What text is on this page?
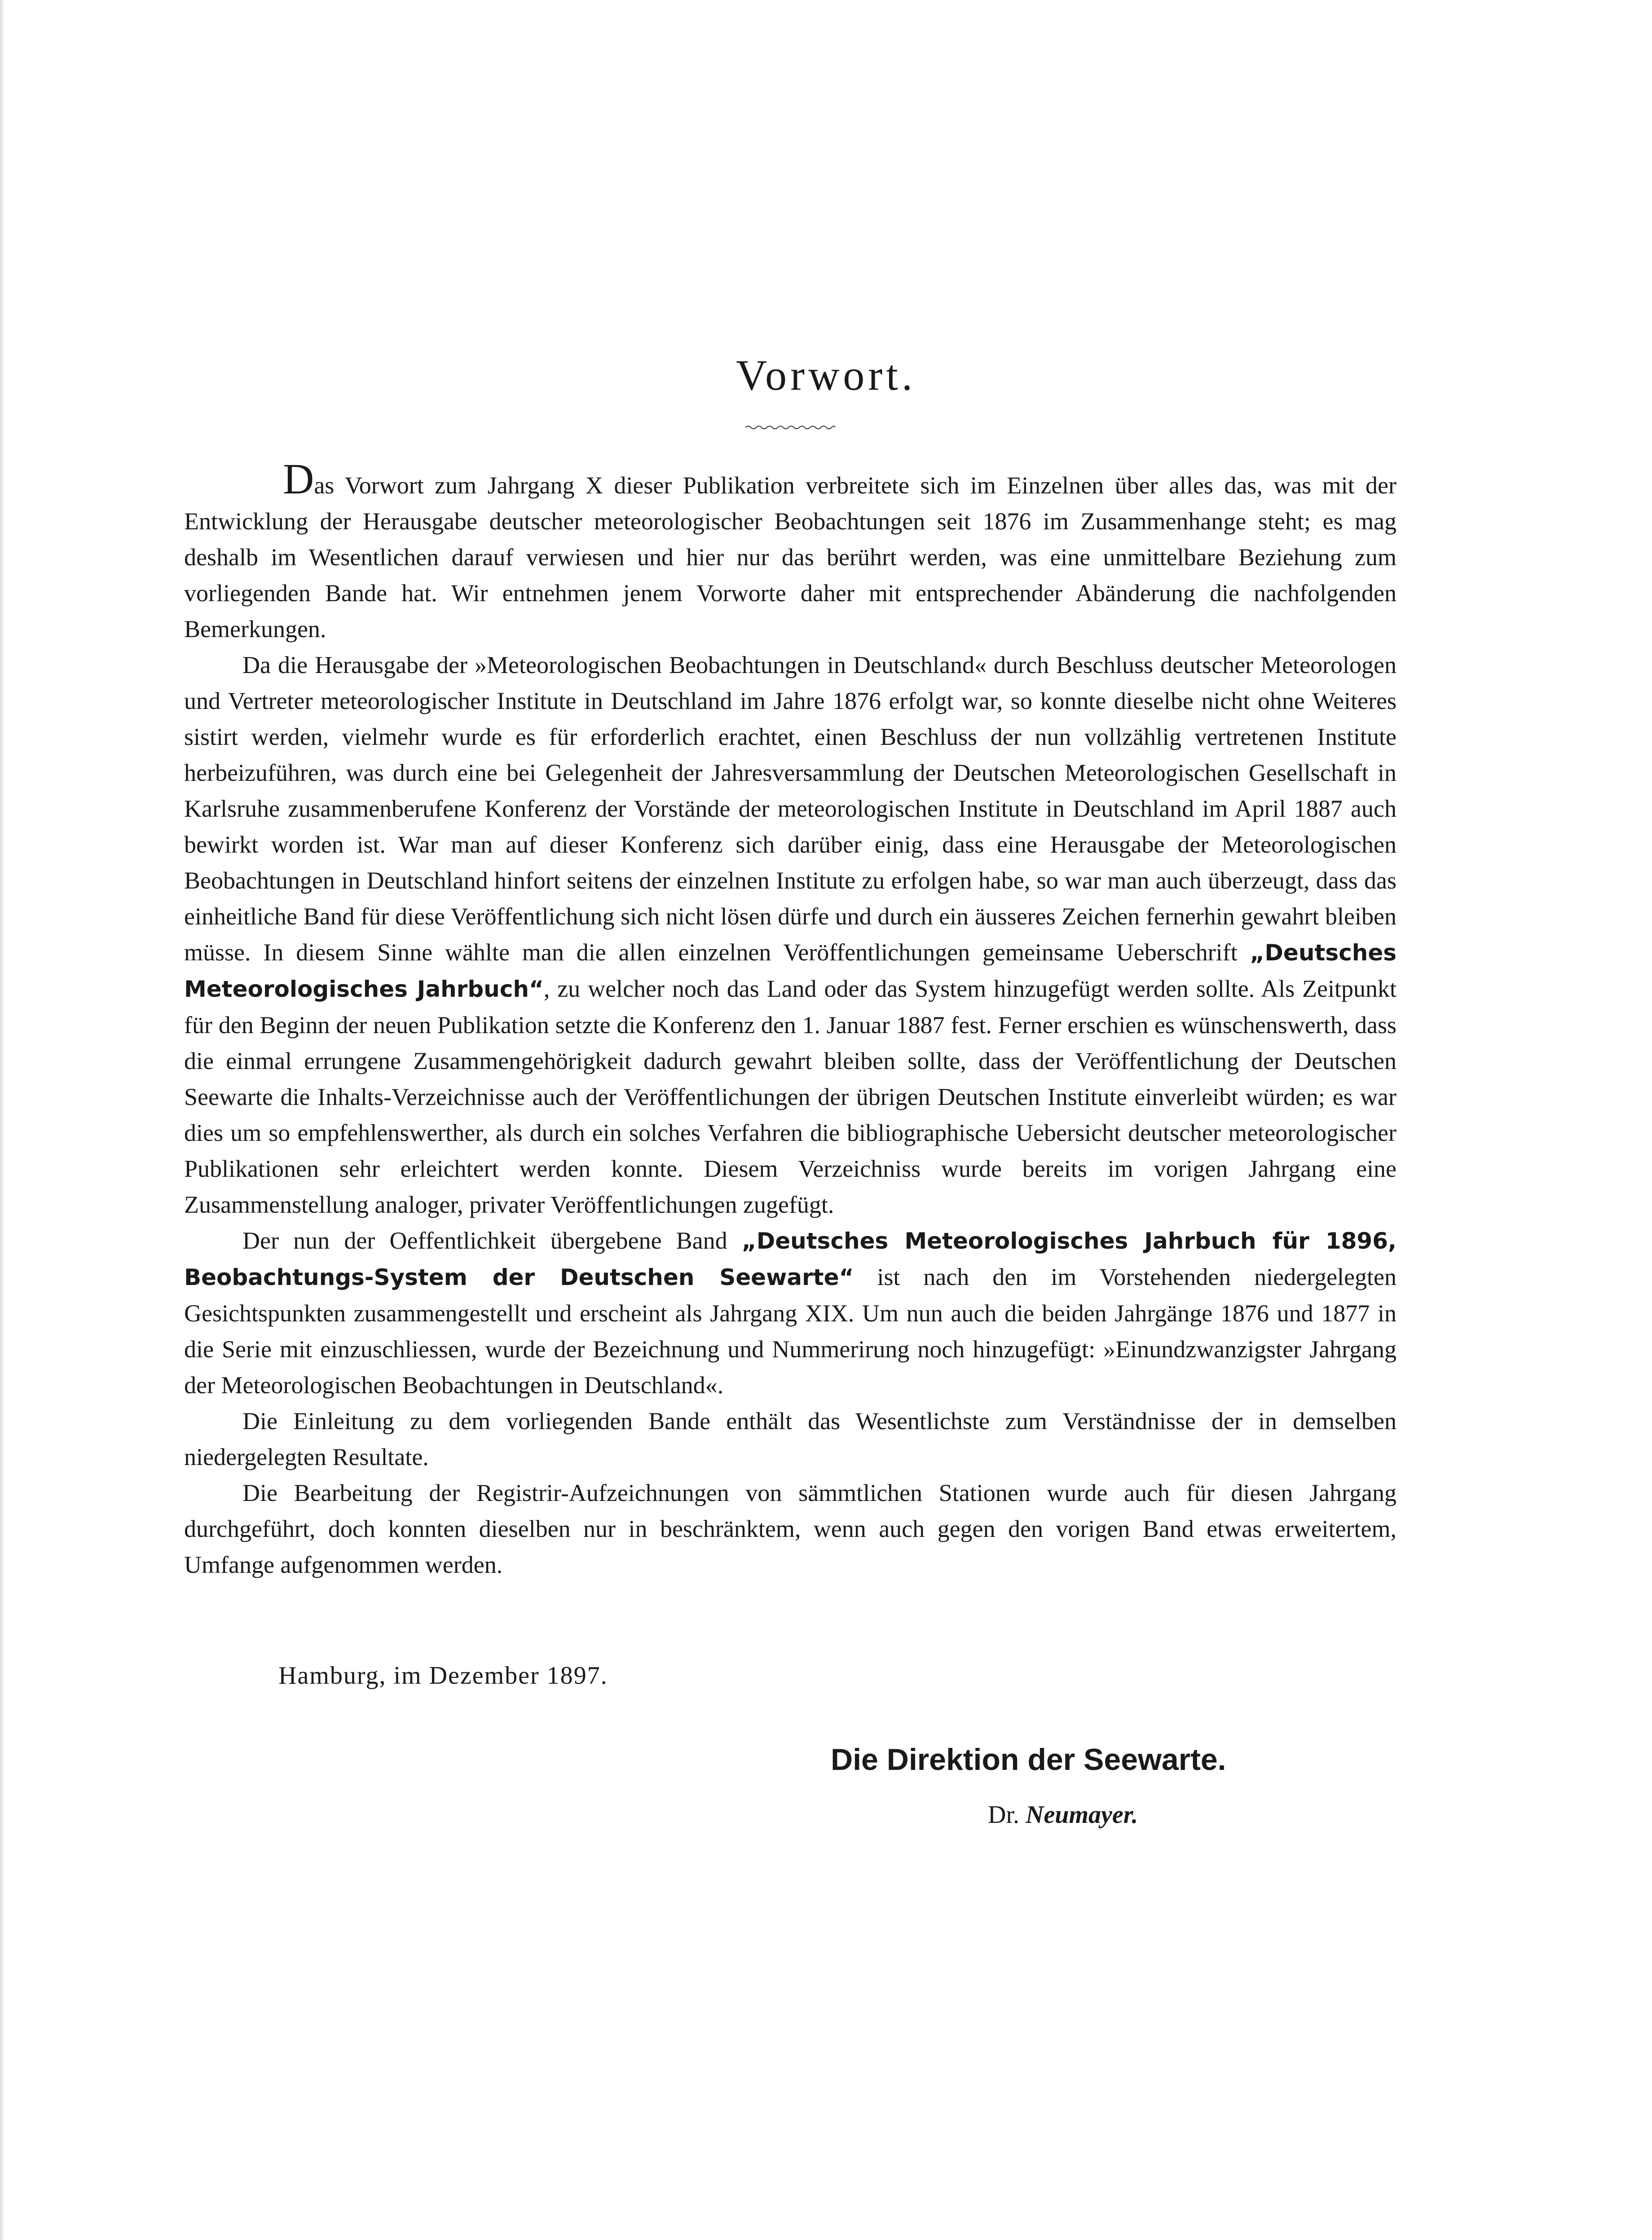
Vorwort.

Das Vorwort zum Jahrgang X dieser Publikation verbreitete sich im Einzelnen über alles das, was mit der Entwicklung der Herausgabe deutscher meteorologischer Beobachtungen seit 1876 im Zusammenhange steht; es mag deshalb im Wesentlichen darauf verwiesen und hier nur das berührt werden, was eine unmittelbare Beziehung zum vorliegenden Bande hat. Wir entnehmen jenem Vorworte daher mit entsprechender Abänderung die nachfolgenden Bemerkungen.

Da die Herausgabe der »Meteorologischen Beobachtungen in Deutschland« durch Beschluss deutscher Meteorologen und Vertreter meteorologischer Institute in Deutschland im Jahre 1876 erfolgt war, so konnte dieselbe nicht ohne Weiteres sistirt werden, vielmehr wurde es für erforderlich erachtet, einen Beschluss der nun vollzählig vertretenen Institute herbeizuführen, was durch eine bei Gelegenheit der Jahresversammlung der Deutschen Meteorologischen Gesellschaft in Karlsruhe zusammenberufene Konferenz der Vorstände der meteorologischen Institute in Deutschland im April 1887 auch bewirkt worden ist. War man auf dieser Konferenz sich darüber einig, dass eine Herausgabe der Meteorologischen Beobachtungen in Deutschland hinfort seitens der einzelnen Institute zu erfolgen habe, so war man auch überzeugt, dass das einheitliche Band für diese Veröffentlichung sich nicht lösen dürfe und durch ein äusseres Zeichen fernerhin gewahrt bleiben müsse. In diesem Sinne wählte man die allen einzelnen Veröffentlichungen gemeinsame Ueberschrift „Deutsches Meteorologisches Jahrbuch“, zu welcher noch das Land oder das System hinzugefügt werden sollte. Als Zeitpunkt für den Beginn der neuen Publikation setzte die Konferenz den 1. Januar 1887 fest. Ferner erschien es wünschenswerth, dass die einmal errungene Zusammengehörigkeit dadurch gewahrt bleiben sollte, dass der Veröffentlichung der Deutschen Seewarte die Inhalts-Verzeichnisse auch der Veröffentlichungen der übrigen Deutschen Institute einverleibt würden; es war dies um so empfehlenswerther, als durch ein solches Verfahren die bibliographische Uebersicht deutscher meteorologischer Publikationen sehr erleichtert werden konnte. Diesem Verzeichniss wurde bereits im vorigen Jahrgang eine Zusammenstellung analoger, privater Veröffentlichungen zugefügt.

Der nun der Oeffentlichkeit übergebene Band „Deutsches Meteorologisches Jahrbuch für 1896, Beobachtungs-System der Deutschen Seewarte“ ist nach den im Vorstehenden niedergelegten Gesichtspunkten zusammengestellt und erscheint als Jahrgang XIX. Um nun auch die beiden Jahrgänge 1876 und 1877 in die Serie mit einzuschliessen, wurde der Bezeichnung und Nummerirung noch hinzugefügt: »Einundzwanzigster Jahrgang der Meteorologischen Beobachtungen in Deutschland«.

Die Einleitung zu dem vorliegenden Bande enthält das Wesentlichste zum Verständnisse der in demselben niedergelegten Resultate.

Die Bearbeitung der Registrir-Aufzeichnungen von sämmtlichen Stationen wurde auch für diesen Jahrgang durchgeführt, doch konnten dieselben nur in beschränktem, wenn auch gegen den vorigen Band etwas erweitertem, Umfange aufgenommen werden.

Hamburg, im Dezember 1897.
Die Direktion der Seewarte.
Dr. Neumayer.
